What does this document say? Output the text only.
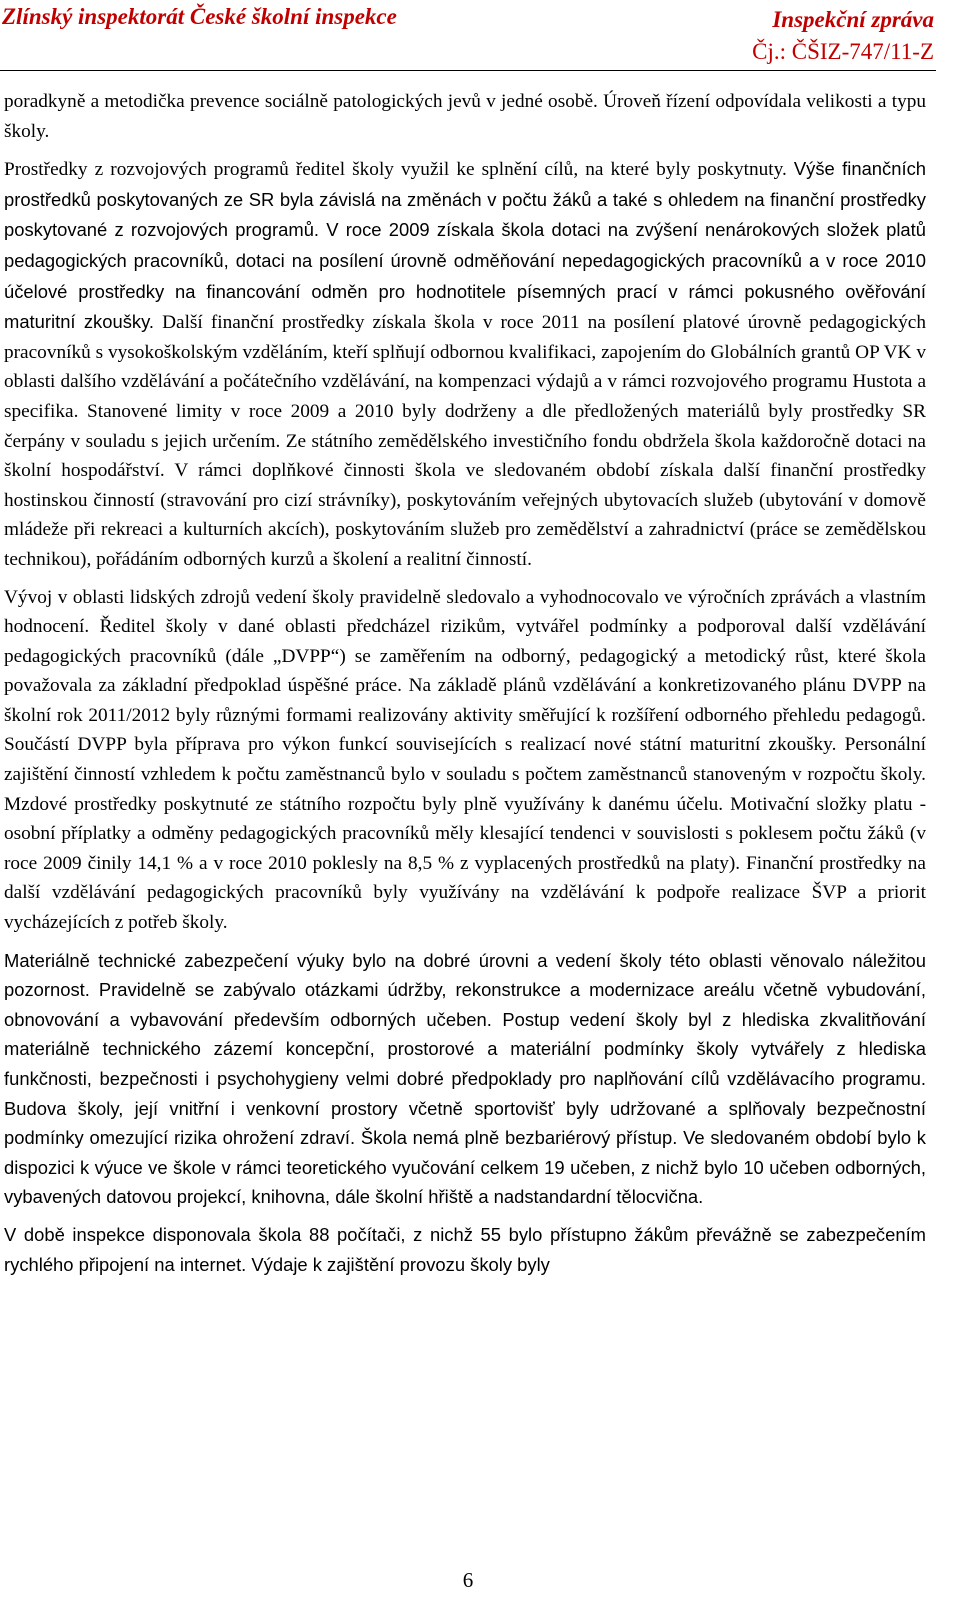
Zlínský inspektorát České školní inspekce	Inspekční zpráva
Čj.: ČŠIZ-747/11-Z

poradkyně a metodička prevence sociálně patologických jevů v jedné osobě. Úroveň řízení odpovídala velikosti a typu školy.

Prostředky z rozvojových programů ředitel školy využil ke splnění cílů, na které byly poskytnuty. Výše finančních prostředků poskytovaných ze SR byla závislá na změnách v počtu žáků a také s ohledem na finanční prostředky poskytované z rozvojových programů. V roce 2009 získala škola dotaci na zvýšení nenárokových složek platů pedagogických pracovníků, dotaci na posílení úrovně odměňování nepedagogických pracovníků a v roce 2010 účelové prostředky na financování odměn pro hodnotitele písemných prací v rámci pokusného ověřování maturitní zkoušky. Další finanční prostředky získala škola v roce 2011 na posílení platové úrovně pedagogických pracovníků s vysokoškolským vzděláním, kteří splňují odbornou kvalifikaci, zapojením do Globálních grantů OP VK v oblasti dalšího vzdělávání a počátečního vzdělávání, na kompenzaci výdajů a v rámci rozvojového programu Hustota a specifika. Stanovené limity v roce 2009 a 2010 byly dodrženy a dle předložených materiálů byly prostředky SR čerpány v souladu s jejich určením. Ze státního zemědělského investičního fondu obdržela škola každoročně dotaci na školní hospodářství. V rámci doplňkové činnosti škola ve sledovaném období získala další finanční prostředky hostinskou činností (stravování pro cizí strávníky), poskytováním veřejných ubytovacích služeb (ubytování v domově mládeže při rekreaci a kulturních akcích), poskytováním služeb pro zemědělství a zahradnictví (práce se zemědělskou technikou), pořádáním odborných kurzů a školení a realitní činností.

Vývoj v oblasti lidských zdrojů vedení školy pravidelně sledovalo a vyhodnocovalo ve výročních zprávách a vlastním hodnocení. Ředitel školy v dané oblasti předcházel rizikům, vytvářel podmínky a podporoval další vzdělávání pedagogických pracovníků (dále „DVPP“) se zaměřením na odborný, pedagogický a metodický růst, které škola považovala za základní předpoklad úspěšné práce. Na základě plánů vzdělávání a konkretizovaného plánu DVPP na školní rok 2011/2012 byly různými formami realizovány aktivity směřující k rozšíření odborného přehledu pedagogů. Součástí DVPP byla příprava pro výkon funkcí souvisejících s realizací nové státní maturitní zkoušky. Personální zajištění činností vzhledem k počtu zaměstnanců bylo v souladu s počtem zaměstnanců stanoveným v rozpočtu školy. Mzdové prostředky poskytnuté ze státního rozpočtu byly plně využívány k danému účelu. Motivační složky platu - osobní příplatky a odměny pedagogických pracovníků měly klesající tendenci v souvislosti s poklesem počtu žáků (v roce 2009 činily 14,1 % a v roce 2010 poklesly na 8,5 % z vyplacených prostředků na platy). Finanční prostředky na další vzdělávání pedagogických pracovníků byly využívány na vzdělávání k podpoře realizace ŠVP a priorit vycházejících z potřeb školy.

Materiálně technické zabezpečení výuky bylo na dobré úrovni a vedení školy této oblasti věnovalo náležitou pozornost. Pravidelně se zabývalo otázkami údržby, rekonstrukce a modernizace areálu včetně vybudování, obnovování a vybavování především odborných učeben. Postup vedení školy byl z hlediska zkvalitňování materiálně technického zázemí koncepční, prostorové a materiální podmínky školy vytvářely z hlediska funkčnosti, bezpečnosti i psychohygieny velmi dobré předpoklady pro naplňování cílů vzdělávacího programu. Budova školy, její vnitřní i venkovní prostory včetně sportovišť byly udržované a splňovaly bezpečnostní podmínky omezující rizika ohrožení zdraví. Škola nemá plně bezbariérový přístup. Ve sledovaném období bylo k dispozici k výuce ve škole v rámci teoretického vyučování celkem 19 učeben, z nichž bylo 10 učeben odborných, vybavených datovou projekcí, knihovna, dále školní hřiště a nadstandardní tělocvična.

V době inspekce disponovala škola 88 počítači, z nichž 55 bylo přístupno žákům převážně se zabezpečením rychlého připojení na internet. Výdaje k zajištění provozu školy byly

6
